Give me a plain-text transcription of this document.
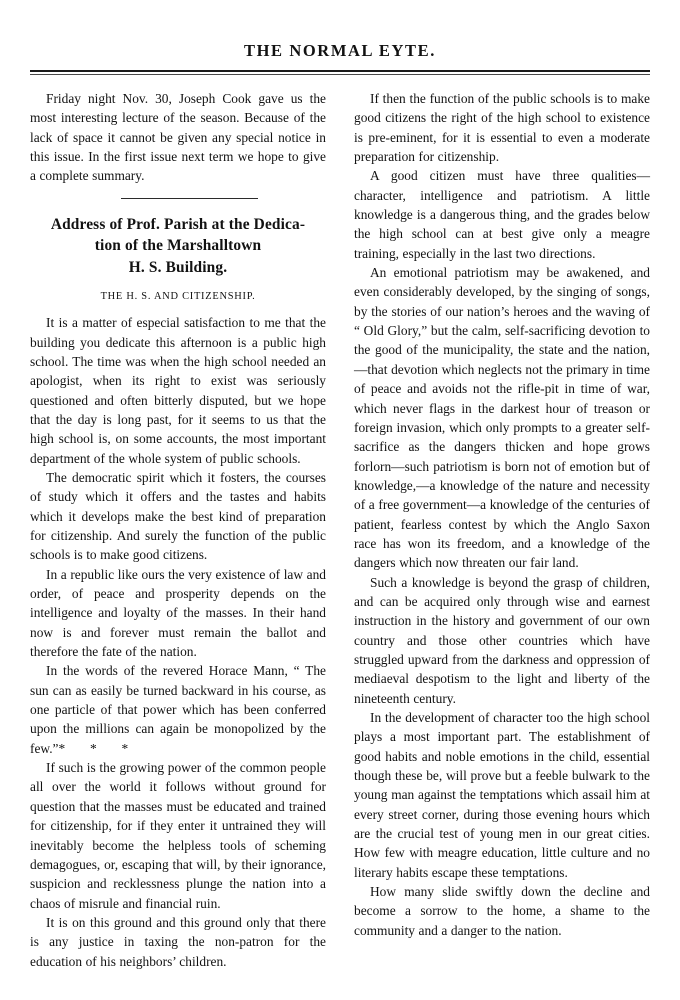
THE NORMAL EYTE.

Friday night Nov. 30, Joseph Cook gave us the most interesting lecture of the season. Because of the lack of space it cannot be given any special notice in this issue. In the first issue next term we hope to give a complete summary.

Address of Prof. Parish at the Dedica-
tion of the Marshalltown
H. S. Building.
THE H. S. AND CITIZENSHIP.

It is a matter of especial satisfaction to me that the building you dedicate this afternoon is a public high school. The time was when the high school needed an apologist, when its right to exist was seriously questioned and often bitterly disputed, but we hope that the day is long past, for it seems to us that the high school is, on some accounts, the most important department of the whole system of public schools.

The democratic spirit which it fosters, the courses of study which it offers and the tastes and habits which it develops make the best kind of preparation for citizenship. And surely the function of the public schools is to make good citizens.

In a republic like ours the very existence of law and order, of peace and prosperity depends on the intelligence and loyalty of the masses. In their hand now is and forever must remain the ballot and therefore the fate of the nation.

In the words of the revered Horace Mann, “ The sun can as easily be turned backward in his course, as one particle of that power which has been conferred upon the millions can again be monopolized by the few.”*       *       *

If such is the growing power of the common people all over the world it follows without ground for question that the masses must be educated and trained for citizenship, for if they enter it untrained they will inevitably become the helpless tools of scheming demagogues, or, escaping that will, by their ignorance, suspicion and recklessness plunge the nation into a chaos of misrule and financial ruin.

It is on this ground and this ground only that there is any justice in taxing the non-patron for the education of his neighbors’ children.

If then the function of the public schools is to make good citizens the right of the high school to existence is pre-eminent, for it is essential to even a moderate preparation for citizenship.

A good citizen must have three qualities—character, intelligence and patriotism. A little knowledge is a dangerous thing, and the grades below the high school can at best give only a meagre training, especially in the last two directions.

An emotional patriotism may be awakened, and even considerably developed, by the singing of songs, by the stories of our nation’s heroes and the waving of “ Old Glory,” but the calm, self-sacrificing devotion to the good of the municipality, the state and the nation,—that devotion which neglects not the primary in time of peace and avoids not the rifle-pit in time of war, which never flags in the darkest hour of treason or foreign invasion, which only prompts to a greater self-sacrifice as the dangers thicken and hope grows forlorn—such patriotism is born not of emotion but of knowledge,—a knowledge of the nature and necessity of a free government—a knowledge of the centuries of patient, fearless contest by which the Anglo Saxon race has won its freedom, and a knowledge of the dangers which now threaten our fair land.

Such a knowledge is beyond the grasp of children, and can be acquired only through wise and earnest instruction in the history and government of our own country and those other countries which have struggled upward from the darkness and oppression of mediaeval despotism to the light and liberty of the nineteenth century.

In the development of character too the high school plays a most important part. The establishment of good habits and noble emotions in the child, essential though these be, will prove but a feeble bulwark to the young man against the temptations which assail him at every street corner, during those evening hours which are the crucial test of young men in our great cities. How few with meagre education, little culture and no literary habits escape these temptations.

How many slide swiftly down the decline and become a sorrow to the home, a shame to the community and a danger to the nation.
